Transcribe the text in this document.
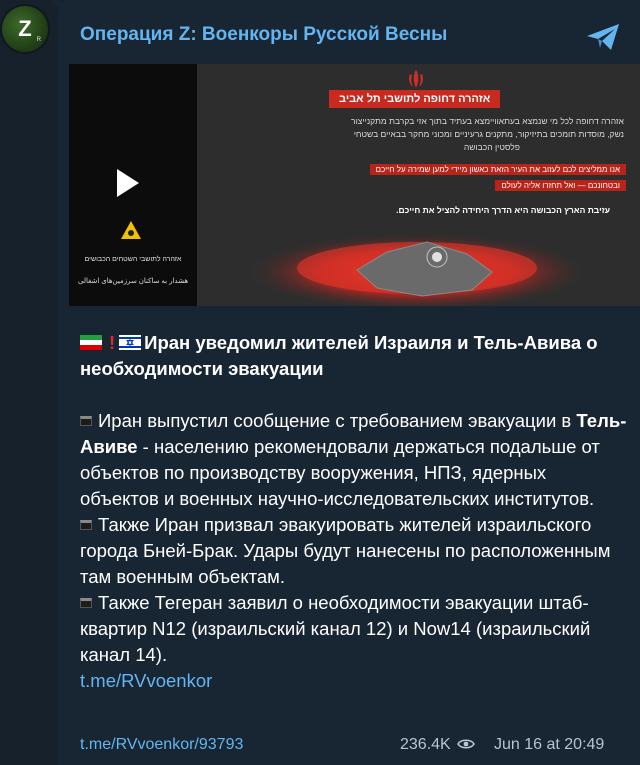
Z R Операция Z: Военкоры Русской Весны
אזהרה לתושבי השטחים הכבושים
هشدار به ساکنان سرزمین‌های اشغالی
אזהרה דחופה לתושבי תל אביב
אזהרה דחופה לכל מי שנמצא בעתאוויימצא בעתיד בתוך אזי בקרבת מתקנייצור
נשק, מוסדות תומכים בתיזיקור, מתקנים גרעיניים ומכוני מחקר בבאיים בשטחי
פלסטין הכבושה
אנו ממליצים לכם לעזוב את העיר הזאת כאשון מיידי למען שמירה על חייכם
ובטחונכם — ואל תחזרו אליה לעולם
עזיבת הארץ הכבושה היא הדרך היחידה להציל את חייכם.

! Иран уведомил жителей Израиля и Тель-Авива о необходимости эвакуации

Иран выпустил сообщение с требованием эвакуации в Тель-Авиве - населению рекомендовали держаться подальше от объектов по производству вооружения, НПЗ, ядерных объектов и военных научно-исследовательских институтов.

Также Иран призвал эвакуировать жителей израильского города Бней-Брак. Удары будут нанесены по расположенным там военным объектам.

Также Тегеран заявил о необходимости эвакуации штаб-квартир N12 (израильский канал 12) и Now14 (израильский канал 14).

t.me/RVvoenkor

t.me/RVvoenkor/93793	236.4K	Jun 16 at 20:49
